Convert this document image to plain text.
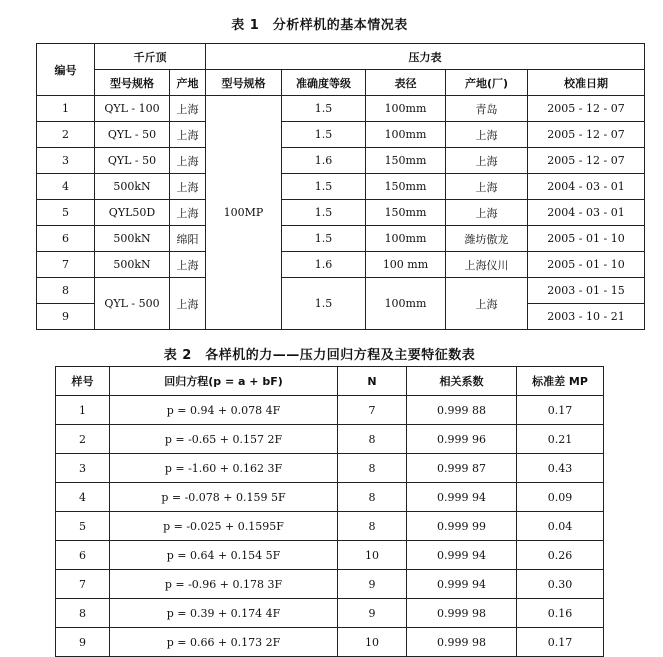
表 1　分析样机的基本情况表
编号	千斤顶		压力表				
	型号规格	产地	型号规格	准确度等级	表径	产地(厂)	校准日期
1	QYL - 100	上海	100MP	1.5	100mm	青岛	2005 - 12 - 07
2	QYL - 50	上海		1.5	100mm	上海	2005 - 12 - 07
3	QYL - 50	上海		1.6	150mm	上海	2005 - 12 - 07
4	500kN	上海		1.5	150mm	上海	2004 - 03 - 01
5	QYL50D	上海		1.5	150mm	上海	2004 - 03 - 01
6	500kN	绵阳		1.5	100mm	潍坊傲龙	2005 - 01 - 10
7	500kN	上海		1.6	100 mm	上海仪川	2005 - 01 - 10
8	QYL - 500	上海		1.5	100mm	上海	2003 - 01 - 15
9							2003 - 10 - 21
表 2　各样机的力——压力回归方程及主要特征数表
样号	回归方程(p = a + bF)	N	相关系数	标准差 MP
1	p = 0.94 + 0.078 4F	7	0.999 88	0.17
2	p = -0.65 + 0.157 2F	8	0.999 96	0.21
3	p = -1.60 + 0.162 3F	8	0.999 87	0.43
4	p = -0.078 + 0.159 5F	8	0.999 94	0.09
5	p = -0.025 + 0.1595F	8	0.999 99	0.04
6	p = 0.64 + 0.154 5F	10	0.999 94	0.26
7	p = -0.96 + 0.178 3F	9	0.999 94	0.30
8	p = 0.39 + 0.174 4F	9	0.999 98	0.16
9	p = 0.66 + 0.173 2F	10	0.999 98	0.17
